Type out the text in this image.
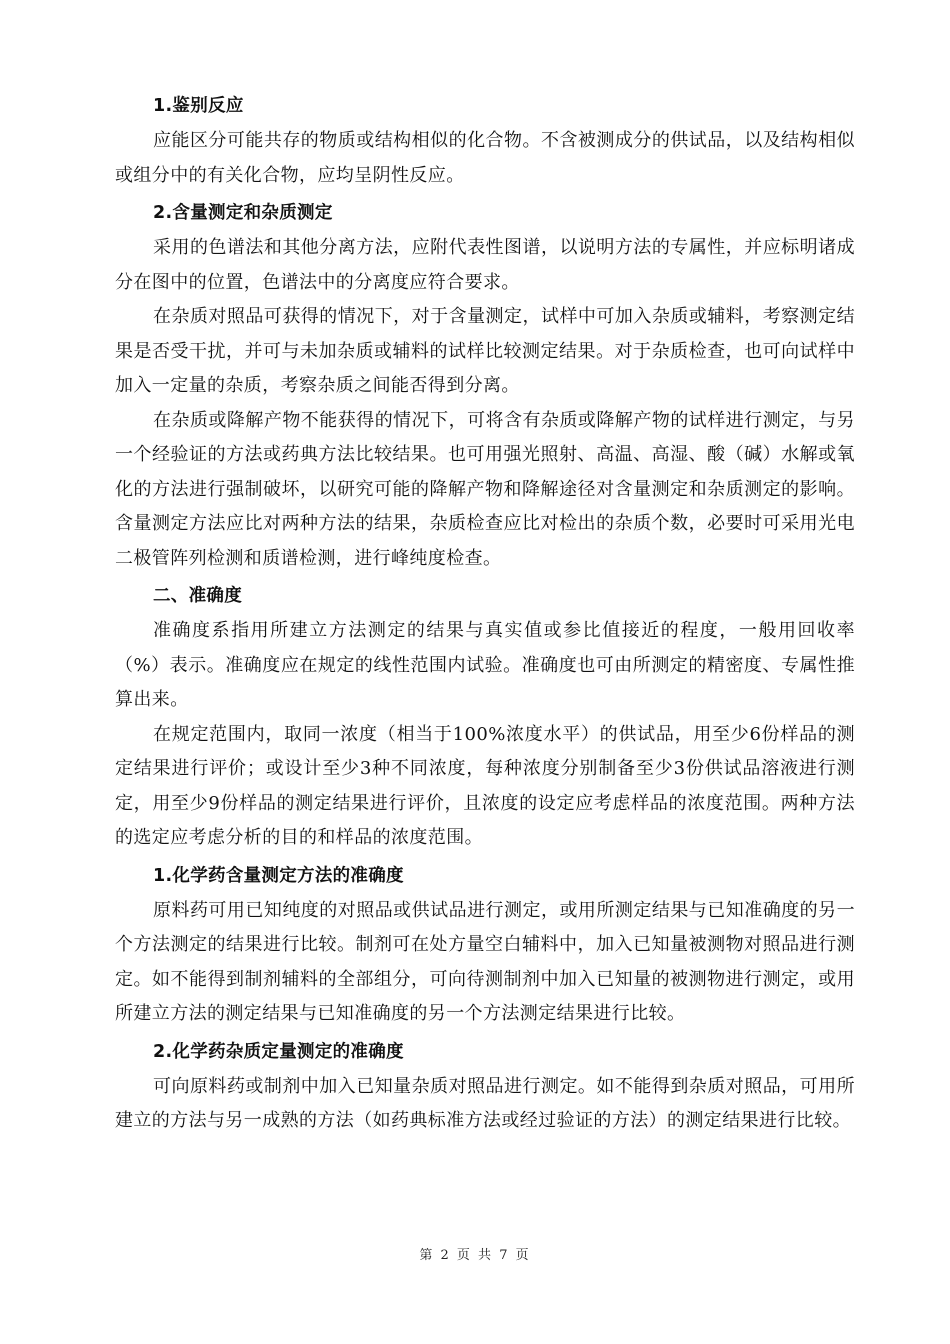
1.鉴别反应

应能区分可能共存的物质或结构相似的化合物。不含被测成分的供试品，以及结构相似或组分中的有关化合物，应均呈阴性反应。

2.含量测定和杂质测定

采用的色谱法和其他分离方法，应附代表性图谱，以说明方法的专属性，并应标明诸成分在图中的位置，色谱法中的分离度应符合要求。

在杂质对照品可获得的情况下，对于含量测定，试样中可加入杂质或辅料，考察测定结果是否受干扰，并可与未加杂质或辅料的试样比较测定结果。对于杂质检查，也可向试样中加入一定量的杂质，考察杂质之间能否得到分离。

在杂质或降解产物不能获得的情况下，可将含有杂质或降解产物的试样进行测定，与另一个经验证的方法或药典方法比较结果。也可用强光照射、高温、高湿、酸（碱）水解或氧化的方法进行强制破坏，以研究可能的降解产物和降解途径对含量测定和杂质测定的影响。含量测定方法应比对两种方法的结果，杂质检查应比对检出的杂质个数，必要时可采用光电二极管阵列检测和质谱检测，进行峰纯度检查。

二、准确度

准确度系指用所建立方法测定的结果与真实值或参比值接近的程度，一般用回收率（%）表示。准确度应在规定的线性范围内试验。准确度也可由所测定的精密度、专属性推算出来。

在规定范围内，取同一浓度（相当于100%浓度水平）的供试品，用至少6份样品的测定结果进行评价；或设计至少3种不同浓度，每种浓度分别制备至少3份供试品溶液进行测定，用至少9份样品的测定结果进行评价，且浓度的设定应考虑样品的浓度范围。两种方法的选定应考虑分析的目的和样品的浓度范围。

1.化学药含量测定方法的准确度

原料药可用已知纯度的对照品或供试品进行测定，或用所测定结果与已知准确度的另一个方法测定的结果进行比较。制剂可在处方量空白辅料中，加入已知量被测物对照品进行测定。如不能得到制剂辅料的全部组分，可向待测制剂中加入已知量的被测物进行测定，或用所建立方法的测定结果与已知准确度的另一个方法测定结果进行比较。

2.化学药杂质定量测定的准确度

可向原料药或制剂中加入已知量杂质对照品进行测定。如不能得到杂质对照品，可用所建立的方法与另一成熟的方法（如药典标准方法或经过验证的方法）的测定结果进行比较。

第 2 页 共 7 页
